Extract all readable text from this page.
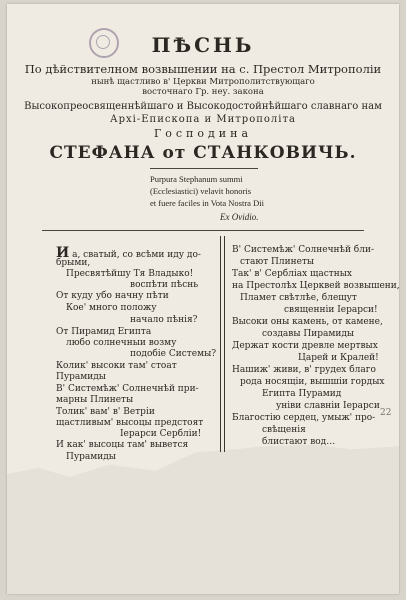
ПѢСНЬ
По дѣйствителном возвышении на с. Престол Митрополіи
нынѣ щастливо в' Церкви Митрополитствующаго
восточнаго Гр. неу. закона
Высокопреосвященнѣйшаго и Высокодостойнѣйшаго славнаго нам
Архі-Епископа и Митрополіта
Господина
СТЕФАНА от СТАНКОВИЧЬ.
Purpura Stephanum summi
(Ecclesiastici) velavit honoris
et fuere faciles in Vota Nostra Dii
Ex Ovidio.
И а, сватый, со всѣми иду до-
брыми,
Пресвятѣйшу Тя Владыко!
воспѣти пѣснь
От куду убо начну пѣти
Кое' много положу
начало пѣнія?
От Пирамид Египта
любо солнечныи возму
подобіе Системы?
Колик' высоки там' стоат
Пурамиды
В' Системѣж' Солнечнѣй при-
марны Плинеты
Толик' вам' в' Ветріи
щастливым' высоцы предстоят
Іерарси Сербліи!
И как' высоцы там' вывется
Пурамиды
В' Системѣж' Солнечнѣй бли-
стают Плинеты
Так' в' Сербліах щастных
на Престолѣх Церквей возвышени,
Пламет свѣтлѣе, блещут
священніи Іерарси!
Высоки оны камень, от камене,
создавы Пирамиды
Держат кости древле мертвых
Царей и Кралей!
Нашиж' живи, в' грудех благо
рода носящіи, вышшіи гордых
Египта Пурамид
уніви славніи Іерарси
Благостію сердец, умыж' про-
свѣщенія
блистают вод…
22
